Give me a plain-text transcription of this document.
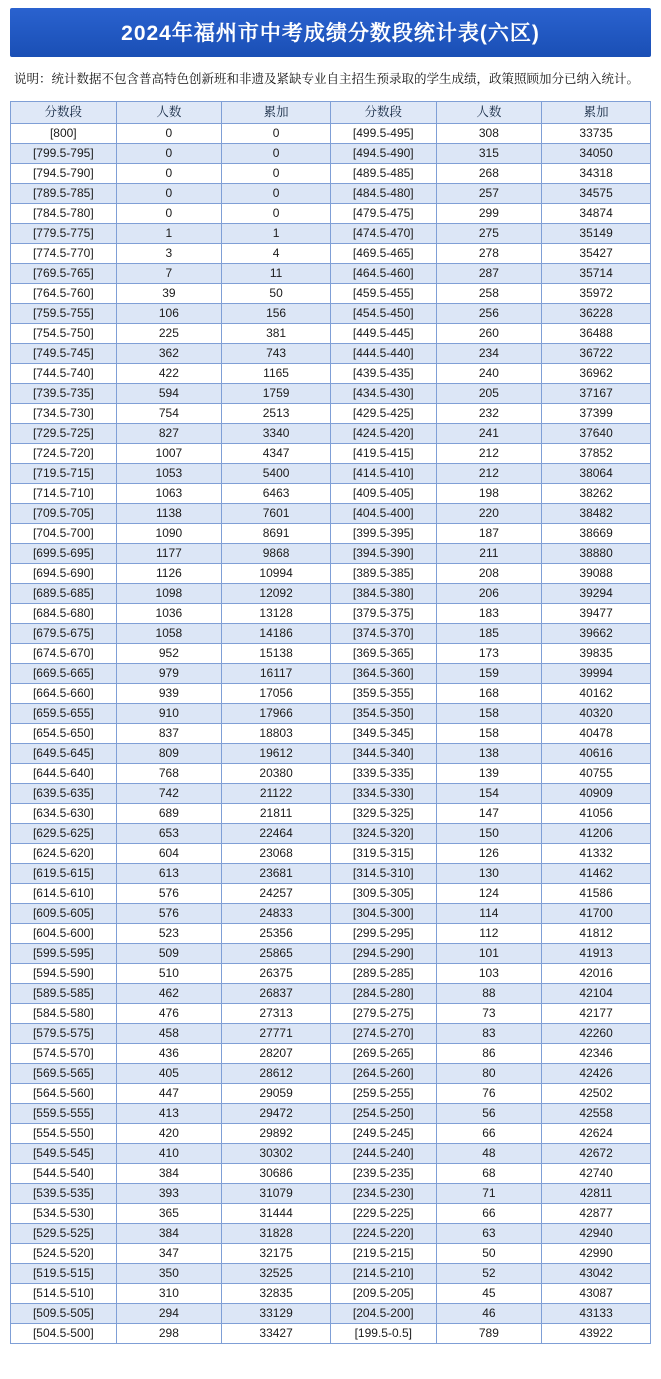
2024年福州市中考成绩分数段统计表(六区)
说明：统计数据不包含普高特色创新班和非遗及紧缺专业自主招生预录取的学生成绩，政策照顾加分已纳入统计。
分数段	人数	累加	分数段	人数	累加
[800]	0	0	[499.5-495]	308	33735
[799.5-795]	0	0	[494.5-490]	315	34050
[794.5-790]	0	0	[489.5-485]	268	34318
[789.5-785]	0	0	[484.5-480]	257	34575
[784.5-780]	0	0	[479.5-475]	299	34874
[779.5-775]	1	1	[474.5-470]	275	35149
[774.5-770]	3	4	[469.5-465]	278	35427
[769.5-765]	7	11	[464.5-460]	287	35714
[764.5-760]	39	50	[459.5-455]	258	35972
[759.5-755]	106	156	[454.5-450]	256	36228
[754.5-750]	225	381	[449.5-445]	260	36488
[749.5-745]	362	743	[444.5-440]	234	36722
[744.5-740]	422	1165	[439.5-435]	240	36962
[739.5-735]	594	1759	[434.5-430]	205	37167
[734.5-730]	754	2513	[429.5-425]	232	37399
[729.5-725]	827	3340	[424.5-420]	241	37640
[724.5-720]	1007	4347	[419.5-415]	212	37852
[719.5-715]	1053	5400	[414.5-410]	212	38064
[714.5-710]	1063	6463	[409.5-405]	198	38262
[709.5-705]	1138	7601	[404.5-400]	220	38482
[704.5-700]	1090	8691	[399.5-395]	187	38669
[699.5-695]	1177	9868	[394.5-390]	211	38880
[694.5-690]	1126	10994	[389.5-385]	208	39088
[689.5-685]	1098	12092	[384.5-380]	206	39294
[684.5-680]	1036	13128	[379.5-375]	183	39477
[679.5-675]	1058	14186	[374.5-370]	185	39662
[674.5-670]	952	15138	[369.5-365]	173	39835
[669.5-665]	979	16117	[364.5-360]	159	39994
[664.5-660]	939	17056	[359.5-355]	168	40162
[659.5-655]	910	17966	[354.5-350]	158	40320
[654.5-650]	837	18803	[349.5-345]	158	40478
[649.5-645]	809	19612	[344.5-340]	138	40616
[644.5-640]	768	20380	[339.5-335]	139	40755
[639.5-635]	742	21122	[334.5-330]	154	40909
[634.5-630]	689	21811	[329.5-325]	147	41056
[629.5-625]	653	22464	[324.5-320]	150	41206
[624.5-620]	604	23068	[319.5-315]	126	41332
[619.5-615]	613	23681	[314.5-310]	130	41462
[614.5-610]	576	24257	[309.5-305]	124	41586
[609.5-605]	576	24833	[304.5-300]	114	41700
[604.5-600]	523	25356	[299.5-295]	112	41812
[599.5-595]	509	25865	[294.5-290]	101	41913
[594.5-590]	510	26375	[289.5-285]	103	42016
[589.5-585]	462	26837	[284.5-280]	88	42104
[584.5-580]	476	27313	[279.5-275]	73	42177
[579.5-575]	458	27771	[274.5-270]	83	42260
[574.5-570]	436	28207	[269.5-265]	86	42346
[569.5-565]	405	28612	[264.5-260]	80	42426
[564.5-560]	447	29059	[259.5-255]	76	42502
[559.5-555]	413	29472	[254.5-250]	56	42558
[554.5-550]	420	29892	[249.5-245]	66	42624
[549.5-545]	410	30302	[244.5-240]	48	42672
[544.5-540]	384	30686	[239.5-235]	68	42740
[539.5-535]	393	31079	[234.5-230]	71	42811
[534.5-530]	365	31444	[229.5-225]	66	42877
[529.5-525]	384	31828	[224.5-220]	63	42940
[524.5-520]	347	32175	[219.5-215]	50	42990
[519.5-515]	350	32525	[214.5-210]	52	43042
[514.5-510]	310	32835	[209.5-205]	45	43087
[509.5-505]	294	33129	[204.5-200]	46	43133
[504.5-500]	298	33427	[199.5-0.5]	789	43922
